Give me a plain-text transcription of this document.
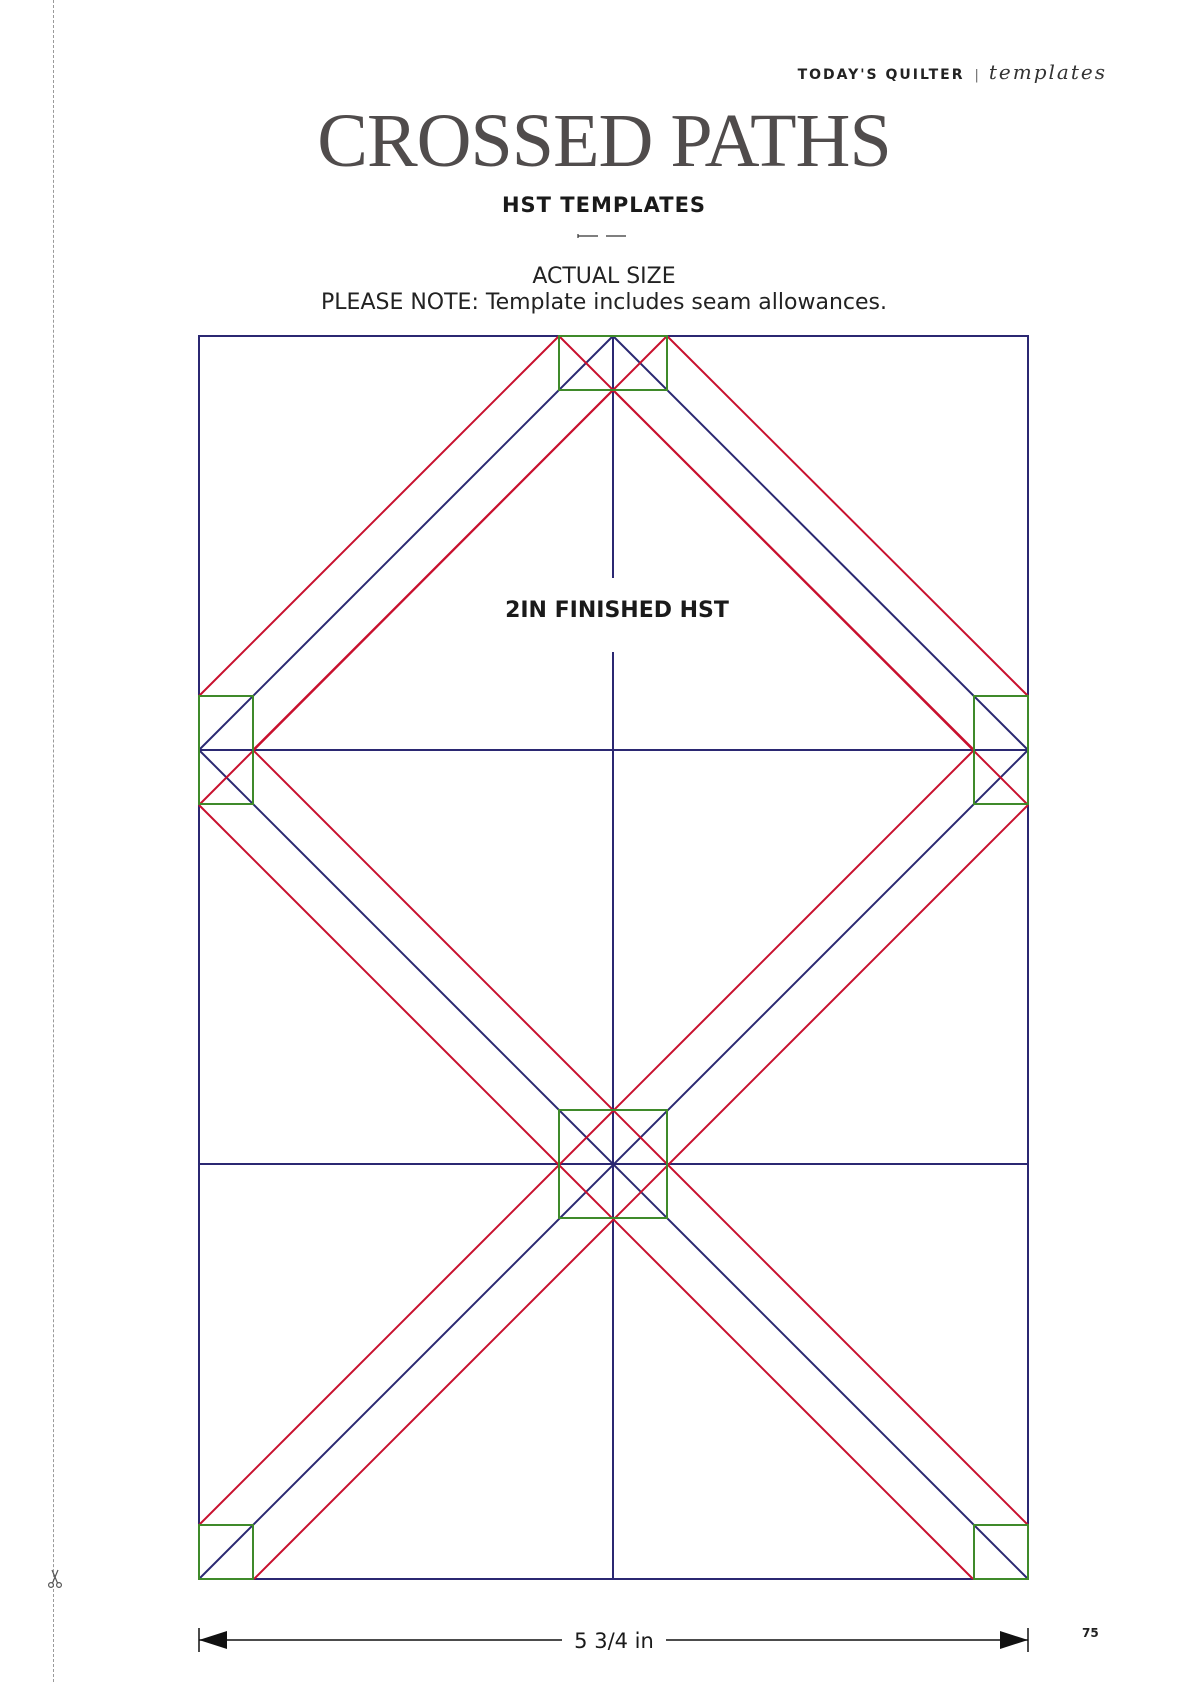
TODAY'S QUILTER | templates
CROSSED PATHS
HST TEMPLATES
ACTUAL SIZE
PLEASE NOTE: Template includes seam allowances.
2IN FINISHED HST
5 3/4 in	75
